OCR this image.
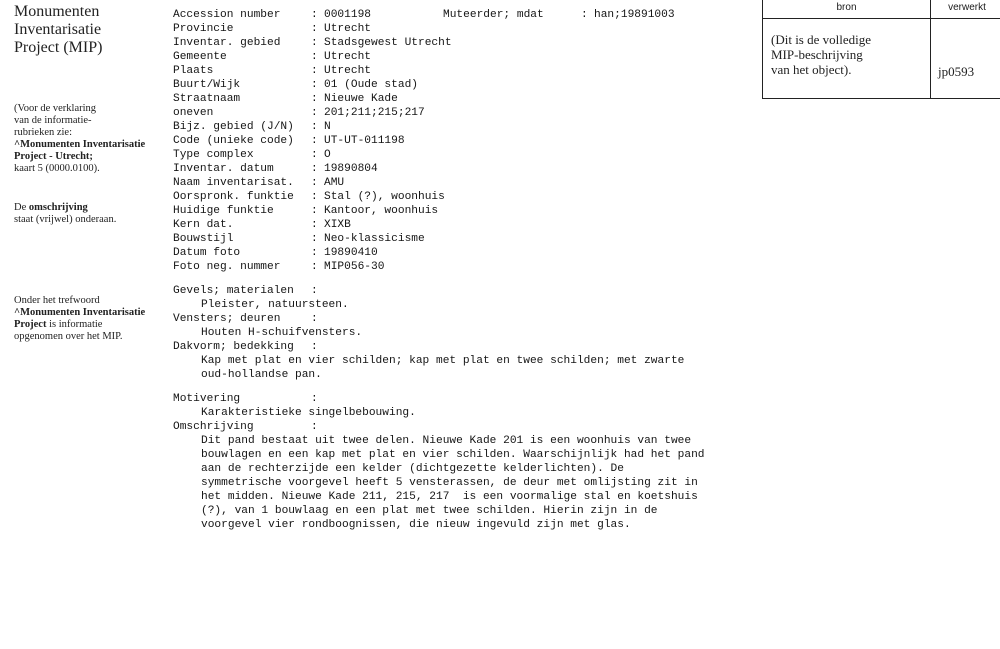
Monumenten
Inventarisatie
Project (MIP)
(Voor de verklaring
van de informatie-
rubrieken zie:
^Monumenten Inventarisatie
Project - Utrecht;
kaart 5 (0000.0100).
De omschrijving
staat (vrijwel) onderaan.
Onder het trefwoord
^Monumenten Inventarisatie
Project is informatie
opgenomen over het MIP.
Accession number	: 0001198	Muteerder; mdat	: han;19891003
Provincie	: Utrecht
Inventar. gebied	: Stadsgewest Utrecht
Gemeente	: Utrecht
Plaats	: Utrecht
Buurt/Wijk	: 01 (Oude stad)
Straatnaam	: Nieuwe Kade
oneven	: 201;211;215;217
Bijz. gebied (J/N) : N
Code (unieke code) : UT-UT-011198
Type complex	: O
Inventar. datum	: 19890804
Naam inventarisat. : AMU
Oorspronk. funktie : Stal (?), woonhuis
Huidige funktie	: Kantoor, woonhuis
Kern dat.	: XIXB
Bouwstijl	: Neo-klassicisme
Datum foto	: 19890410
Foto neg. nummer	: MIP056-30
Gevels; materialen :
Pleister, natuursteen.
Vensters; deuren	:
Houten H-schuifvensters.
Dakvorm; bedekking :
Kap met plat en vier schilden; kap met plat en twee schilden; met zwarte
oud-hollandse pan.
Motivering	:
Karakteristieke singelbebouwing.
Omschrijving	:
Dit pand bestaat uit twee delen. Nieuwe Kade 201 is een woonhuis van twee
bouwlagen en een kap met plat en vier schilden. Waarschijnlijk had het pand
aan de rechterzijde een kelder (dichtgezette kelderlichten). De
symmetrische voorgevel heeft 5 vensterassen, de deur met omlijsting zit in
het midden. Nieuwe Kade 211, 215, 217  is een voormalige stal en koetshuis
(?), van 1 bouwlaag en een plat met twee schilden. Hierin zijn in de
voorgevel vier rondboognissen, die nieuw ingevuld zijn met glas.
bron	verwerkt
(Dit is de volledige
MIP-beschrijving
van het object).	jp0593
